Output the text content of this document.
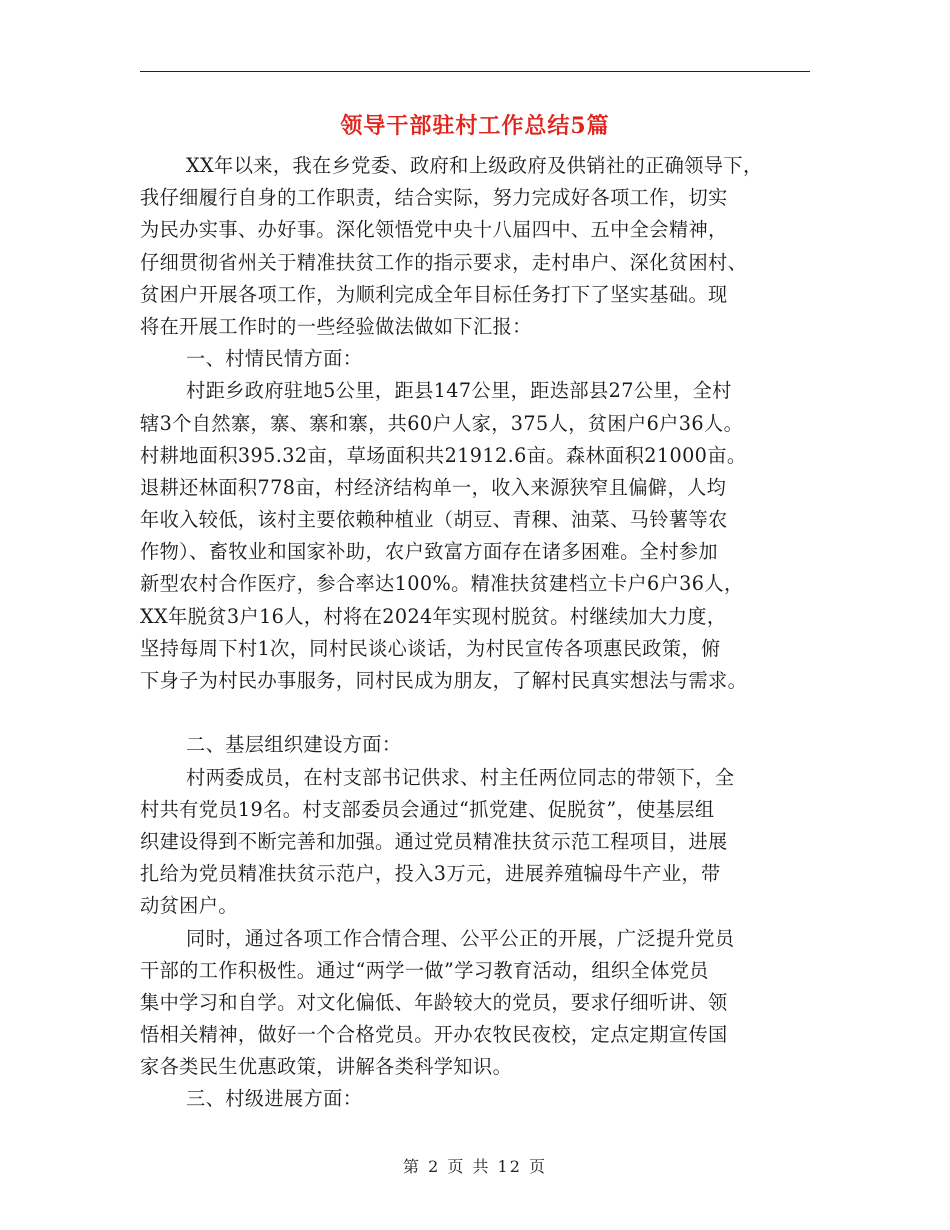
领导干部驻村工作总结5篇
XX年以来，我在乡党委、政府和上级政府及供销社的正确领导下，
我仔细履行自身的工作职责，结合实际，努力完成好各项工作，切实
为民办实事、办好事。深化领悟党中央十八届四中、五中全会精神，
仔细贯彻省州关于精准扶贫工作的指示要求，走村串户、深化贫困村、
贫困户开展各项工作，为顺利完成全年目标任务打下了坚实基础。现
将在开展工作时的一些经验做法做如下汇报：
一、村情民情方面：
村距乡政府驻地5公里，距县147公里，距迭部县27公里，全村
辖3个自然寨，寨、寨和寨，共60户人家，375人，贫困户6户36人。
村耕地面积395.32亩，草场面积共21912.6亩。森林面积21000亩。
退耕还林面积778亩，村经济结构单一，收入来源狭窄且偏僻，人均
年收入较低，该村主要依赖种植业（胡豆、青稞、油菜、马铃薯等农
作物）、畜牧业和国家补助，农户致富方面存在诸多困难。全村参加
新型农村合作医疗，参合率达100%。精准扶贫建档立卡户6户36人，
XX年脱贫3户16人，村将在2024年实现村脱贫。村继续加大力度，
坚持每周下村1次，同村民谈心谈话，为村民宣传各项惠民政策，俯
下身子为村民办事服务，同村民成为朋友，了解村民真实想法与需求。
二、基层组织建设方面：
村两委成员，在村支部书记供求、村主任两位同志的带领下，全
村共有党员19名。村支部委员会通过“抓党建、促脱贫”，使基层组
织建设得到不断完善和加强。通过党员精准扶贫示范工程项目，进展
扎给为党员精准扶贫示范户，投入3万元，进展养殖犏母牛产业，带
动贫困户。
同时，通过各项工作合情合理、公平公正的开展，广泛提升党员
干部的工作积极性。通过“两学一做”学习教育活动，组织全体党员
集中学习和自学。对文化偏低、年龄较大的党员，要求仔细听讲、领
悟相关精神，做好一个合格党员。开办农牧民夜校，定点定期宣传国
家各类民生优惠政策，讲解各类科学知识。
三、村级进展方面：
第 2 页 共 12 页
